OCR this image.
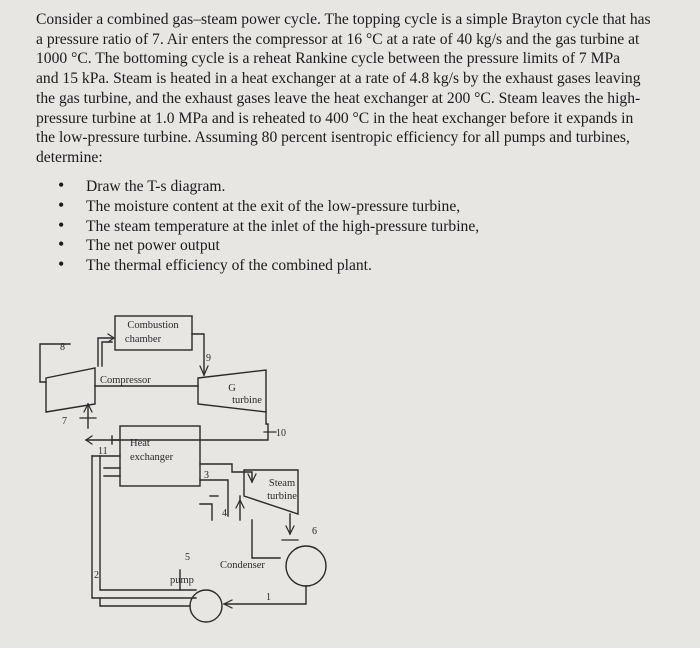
Consider a combined gas–steam power cycle. The topping cycle is a simple Brayton cycle that has
a pressure ratio of 7. Air enters the compressor at 16 °C at a rate of 40 kg/s and the gas turbine at
1000 °C. The bottoming cycle is a reheat Rankine cycle between the pressure limits of 7 MPa
and 15 kPa. Steam is heated in a heat exchanger at a rate of 4.8 kg/s by the exhaust gases leaving
the gas turbine, and the exhaust gases leave the heat exchanger at 200 °C. Steam leaves the high-
pressure turbine at 1.0 MPa and is reheated to 400 °C in the heat exchanger before it expands in
the low-pressure turbine. Assuming 80 percent isentropic efficiency for all pumps and turbines,
determine:
• Draw the T-s diagram.
• The moisture content at the exit of the low-pressure turbine,
• The steam temperature at the inlet of the high-pressure turbine,
• The net power output
• The thermal efficiency of the combined plant.
Combustion
chamber
Compressor
G
turbine
Heat
exchanger
Steam
turbine
Condenser
pump
8
9
7
10
11
3
4
5
6
2
1
